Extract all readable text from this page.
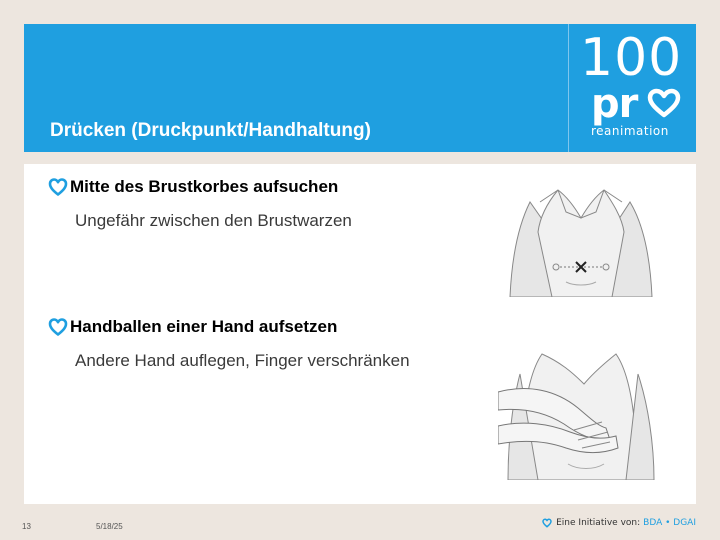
Drücken (Druckpunkt/Handhaltung)
100
pr
reanimation
Mitte des Brustkorbes aufsuchen
Ungefähr zwischen den Brustwarzen
Handballen einer Hand aufsetzen
Andere Hand auflegen, Finger verschränken
13	5/18/25	Eine Initiative von: BDA • DGAI
